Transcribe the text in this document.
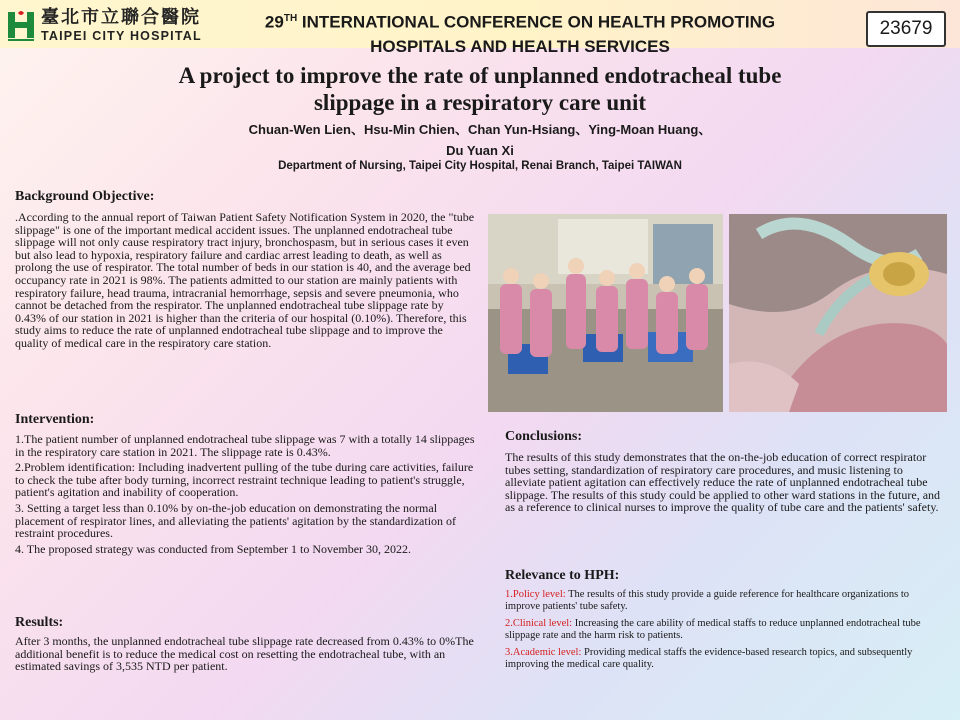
臺北市立聯合醫院
TAIPEI CITY HOSPITAL
29TH INTERNATIONAL CONFERENCE ON HEALTH PROMOTING
HOSPITALS AND HEALTH SERVICES
23679
A project to improve the rate of unplanned endotracheal tube
slippage in a respiratory care unit
Chuan-Wen Lien、Hsu-Min Chien、Chan Yun-Hsiang、Ying-Moan Huang、
Du Yuan Xi
Department of Nursing, Taipei City Hospital, Renai Branch, Taipei TAIWAN

Background Objective:

.According to the annual report of Taiwan Patient Safety Notification System in 2020, the "tube slippage" is one of the important medical accident issues. The unplanned endotracheal tube slippage will not only cause respiratory tract injury, bronchospasm, but in serious cases it even but also lead to hypoxia, respiratory failure and cardiac arrest leading to death, as well as prolong the use of respirator. The total number of beds in our station is 40, and the average bed occupancy rate in 2021 is 98%. The patients admitted to our station are mainly patients with respiratory failure, head trauma, intracranial hemorrhage, sepsis and severe pneumonia, who cannot be detached from the respirator. The unplanned endotracheal tube slippage rate by 0.43% of our station in 2021 is higher than the criteria of our hospital (0.10%). Therefore, this study aims to reduce the rate of unplanned endotracheal tube slippage and to improve the quality of medical care in the respiratory care station.

Intervention:

1.The patient number of unplanned endotracheal tube slippage was 7 with a totally 14 slippages in the respiratory care station in 2021. The slippage rate is 0.43%.

2.Problem identification: Including inadvertent pulling of the tube during care activities, failure to check the tube after body turning, incorrect restraint technique leading to patient's struggle, patient's agitation and inability of cooperation.

3. Setting a target less than 0.10% by on-the-job education on demonstrating the normal placement of respirator lines, and alleviating the patients' agitation by the standardization of restraint procedures.

4. The proposed strategy was conducted from September 1 to November 30, 2022.

Results:

After 3 months, the unplanned endotracheal tube slippage rate decreased from 0.43% to 0%The additional benefit is to reduce the medical cost on resetting the endotracheal tube, with an estimated savings of 3,535 NTD per patient.

Conclusions:

The results of this study demonstrates that the on-the-job education of correct respirator tubes setting, standardization of respiratory care procedures, and music listening to alleviate patient agitation can effectively reduce the rate of unplanned endotracheal tube slippage. The results of this study could be applied to other ward stations in the future, and as a reference to clinical nurses to improve the quality of tube care and the patients' safety.

Relevance to HPH:

1.Policy level: The results of this study provide a guide reference for healthcare organizations to improve patients' tube safety.

2.Clinical level: Increasing the care ability of medical staffs to reduce unplanned endotracheal tube slippage rate and the harm risk to patients.

3.Academic level: Providing medical staffs the evidence-based research topics, and subsequently improving the medical care quality.
